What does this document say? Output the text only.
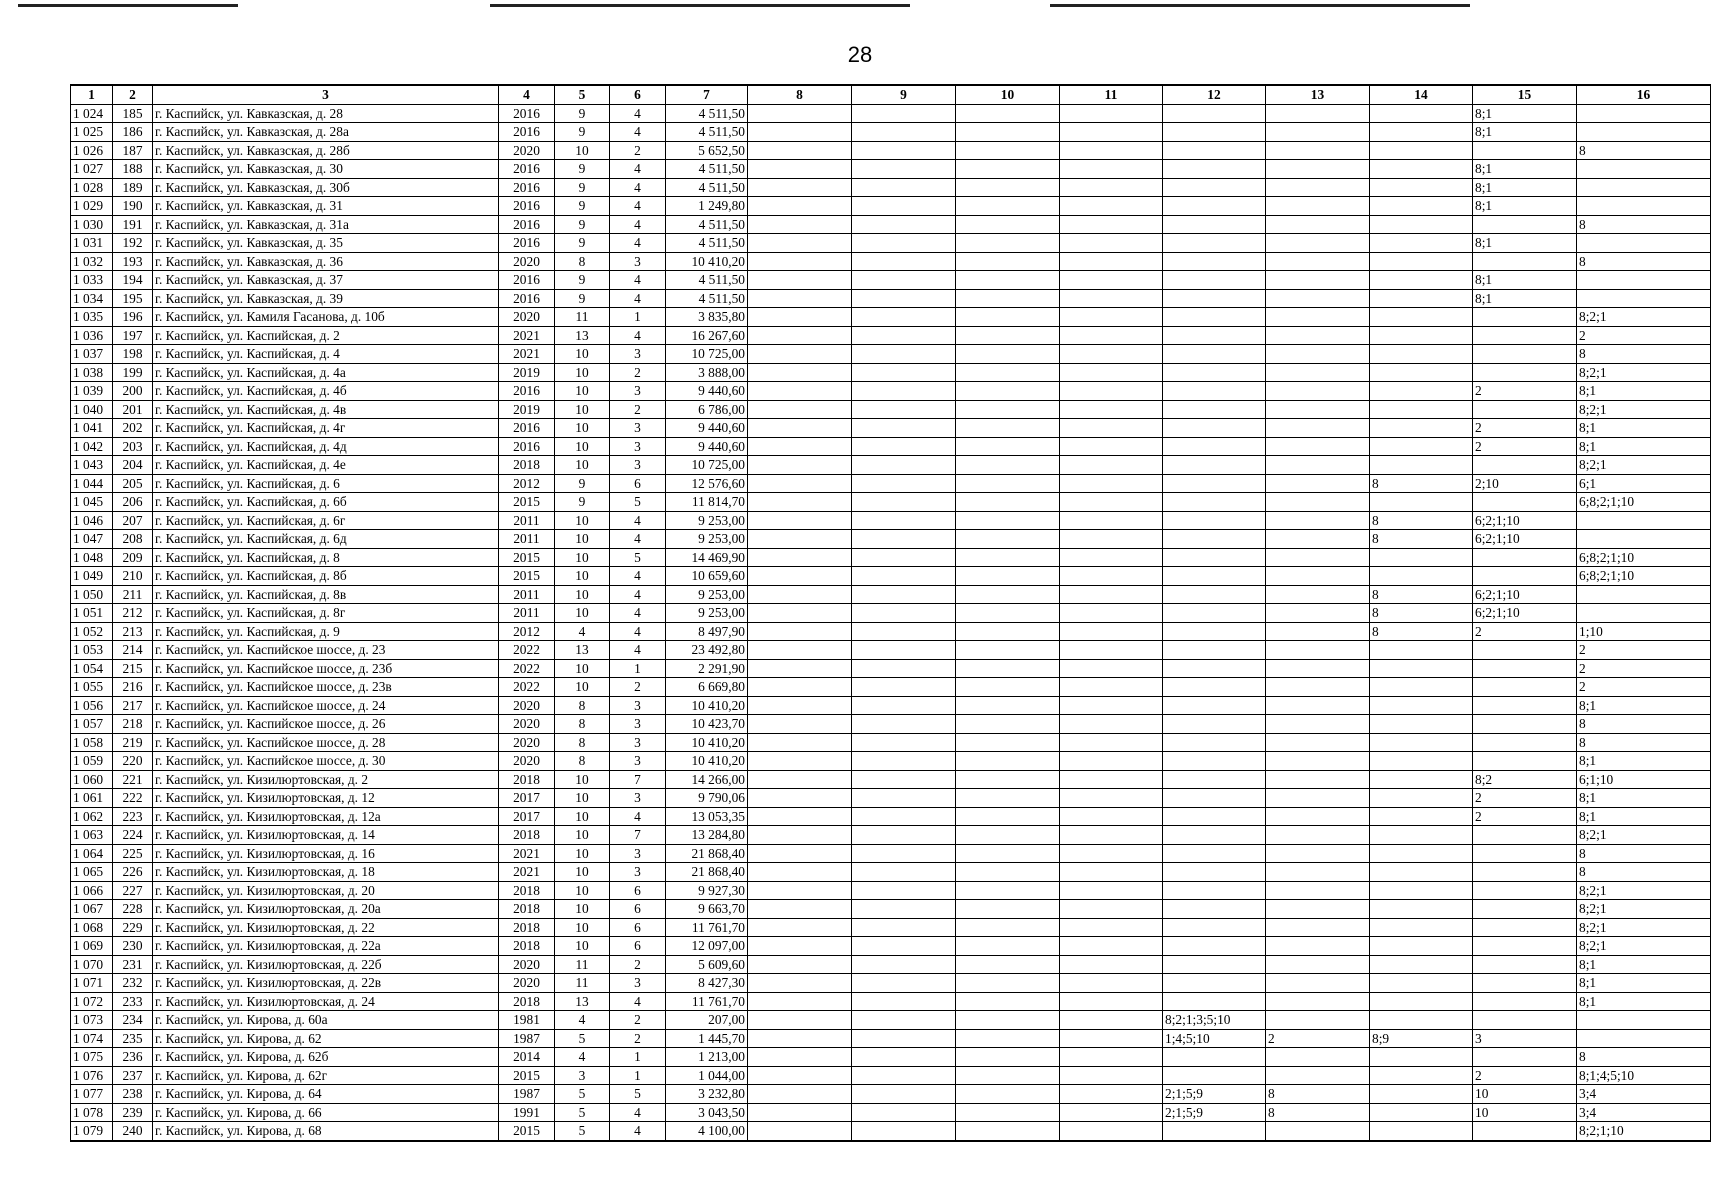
28
1	2	3	4	5	6	7	8	9	10	11	12	13	14	15	16
1 024	185	г. Каспийск, ул. Кавказская, д. 28	2016	9	4	4 511,50								8;1	
1 025	186	г. Каспийск, ул. Кавказская, д. 28а	2016	9	4	4 511,50								8;1	
1 026	187	г. Каспийск, ул. Кавказская, д. 28б	2020	10	2	5 652,50									8
1 027	188	г. Каспийск, ул. Кавказская, д. 30	2016	9	4	4 511,50								8;1	
1 028	189	г. Каспийск, ул. Кавказская, д. 30б	2016	9	4	4 511,50								8;1	
1 029	190	г. Каспийск, ул. Кавказская, д. 31	2016	9	4	1 249,80								8;1	
1 030	191	г. Каспийск, ул. Кавказская, д. 31а	2016	9	4	4 511,50									8
1 031	192	г. Каспийск, ул. Кавказская, д. 35	2016	9	4	4 511,50								8;1	
1 032	193	г. Каспийск, ул. Кавказская, д. 36	2020	8	3	10 410,20									8
1 033	194	г. Каспийск, ул. Кавказская, д. 37	2016	9	4	4 511,50								8;1	
1 034	195	г. Каспийск, ул. Кавказская, д. 39	2016	9	4	4 511,50								8;1	
1 035	196	г. Каспийск, ул. Камиля Гасанова, д. 10б	2020	11	1	3 835,80									8;2;1
1 036	197	г. Каспийск, ул. Каспийская, д. 2	2021	13	4	16 267,60									2
1 037	198	г. Каспийск, ул. Каспийская, д. 4	2021	10	3	10 725,00									8
1 038	199	г. Каспийск, ул. Каспийская, д. 4а	2019	10	2	3 888,00									8;2;1
1 039	200	г. Каспийск, ул. Каспийская, д. 4б	2016	10	3	9 440,60								2	8;1
1 040	201	г. Каспийск, ул. Каспийская, д. 4в	2019	10	2	6 786,00									8;2;1
1 041	202	г. Каспийск, ул. Каспийская, д. 4г	2016	10	3	9 440,60								2	8;1
1 042	203	г. Каспийск, ул. Каспийская, д. 4д	2016	10	3	9 440,60								2	8;1
1 043	204	г. Каспийск, ул. Каспийская, д. 4е	2018	10	3	10 725,00									8;2;1
1 044	205	г. Каспийск, ул. Каспийская, д. 6	2012	9	6	12 576,60							8	2;10	6;1
1 045	206	г. Каспийск, ул. Каспийская, д. 6б	2015	9	5	11 814,70									6;8;2;1;10
1 046	207	г. Каспийск, ул. Каспийская, д. 6г	2011	10	4	9 253,00							8	6;2;1;10	
1 047	208	г. Каспийск, ул. Каспийская, д. 6д	2011	10	4	9 253,00							8	6;2;1;10	
1 048	209	г. Каспийск, ул. Каспийская, д. 8	2015	10	5	14 469,90									6;8;2;1;10
1 049	210	г. Каспийск, ул. Каспийская, д. 8б	2015	10	4	10 659,60									6;8;2;1;10
1 050	211	г. Каспийск, ул. Каспийская, д. 8в	2011	10	4	9 253,00							8	6;2;1;10	
1 051	212	г. Каспийск, ул. Каспийская, д. 8г	2011	10	4	9 253,00							8	6;2;1;10	
1 052	213	г. Каспийск, ул. Каспийская, д. 9	2012	4	4	8 497,90							8	2	1;10
1 053	214	г. Каспийск, ул. Каспийское шоссе, д. 23	2022	13	4	23 492,80									2
1 054	215	г. Каспийск, ул. Каспийское шоссе, д. 23б	2022	10	1	2 291,90									2
1 055	216	г. Каспийск, ул. Каспийское шоссе, д. 23в	2022	10	2	6 669,80									2
1 056	217	г. Каспийск, ул. Каспийское шоссе, д. 24	2020	8	3	10 410,20									8;1
1 057	218	г. Каспийск, ул. Каспийское шоссе, д. 26	2020	8	3	10 423,70									8
1 058	219	г. Каспийск, ул. Каспийское шоссе, д. 28	2020	8	3	10 410,20									8
1 059	220	г. Каспийск, ул. Каспийское шоссе, д. 30	2020	8	3	10 410,20									8;1
1 060	221	г. Каспийск, ул. Кизилюртовская, д. 2	2018	10	7	14 266,00								8;2	6;1;10
1 061	222	г. Каспийск, ул. Кизилюртовская, д. 12	2017	10	3	9 790,06								2	8;1
1 062	223	г. Каспийск, ул. Кизилюртовская, д. 12а	2017	10	4	13 053,35								2	8;1
1 063	224	г. Каспийск, ул. Кизилюртовская, д. 14	2018	10	7	13 284,80									8;2;1
1 064	225	г. Каспийск, ул. Кизилюртовская, д. 16	2021	10	3	21 868,40									8
1 065	226	г. Каспийск, ул. Кизилюртовская, д. 18	2021	10	3	21 868,40									8
1 066	227	г. Каспийск, ул. Кизилюртовская, д. 20	2018	10	6	9 927,30									8;2;1
1 067	228	г. Каспийск, ул. Кизилюртовская, д. 20а	2018	10	6	9 663,70									8;2;1
1 068	229	г. Каспийск, ул. Кизилюртовская, д. 22	2018	10	6	11 761,70									8;2;1
1 069	230	г. Каспийск, ул. Кизилюртовская, д. 22а	2018	10	6	12 097,00									8;2;1
1 070	231	г. Каспийск, ул. Кизилюртовская, д. 22б	2020	11	2	5 609,60									8;1
1 071	232	г. Каспийск, ул. Кизилюртовская, д. 22в	2020	11	3	8 427,30									8;1
1 072	233	г. Каспийск, ул. Кизилюртовская, д. 24	2018	13	4	11 761,70									8;1
1 073	234	г. Каспийск, ул. Кирова, д. 60а	1981	4	2	207,00					8;2;1;3;5;10				
1 074	235	г. Каспийск, ул. Кирова, д. 62	1987	5	2	1 445,70					1;4;5;10	2	8;9	3	
1 075	236	г. Каспийск, ул. Кирова, д. 62б	2014	4	1	1 213,00									8
1 076	237	г. Каспийск, ул. Кирова, д. 62г	2015	3	1	1 044,00								2	8;1;4;5;10
1 077	238	г. Каспийск, ул. Кирова, д. 64	1987	5	5	3 232,80					2;1;5;9	8		10	3;4
1 078	239	г. Каспийск, ул. Кирова, д. 66	1991	5	4	3 043,50					2;1;5;9	8		10	3;4
1 079	240	г. Каспийск, ул. Кирова, д. 68	2015	5	4	4 100,00									8;2;1;10
